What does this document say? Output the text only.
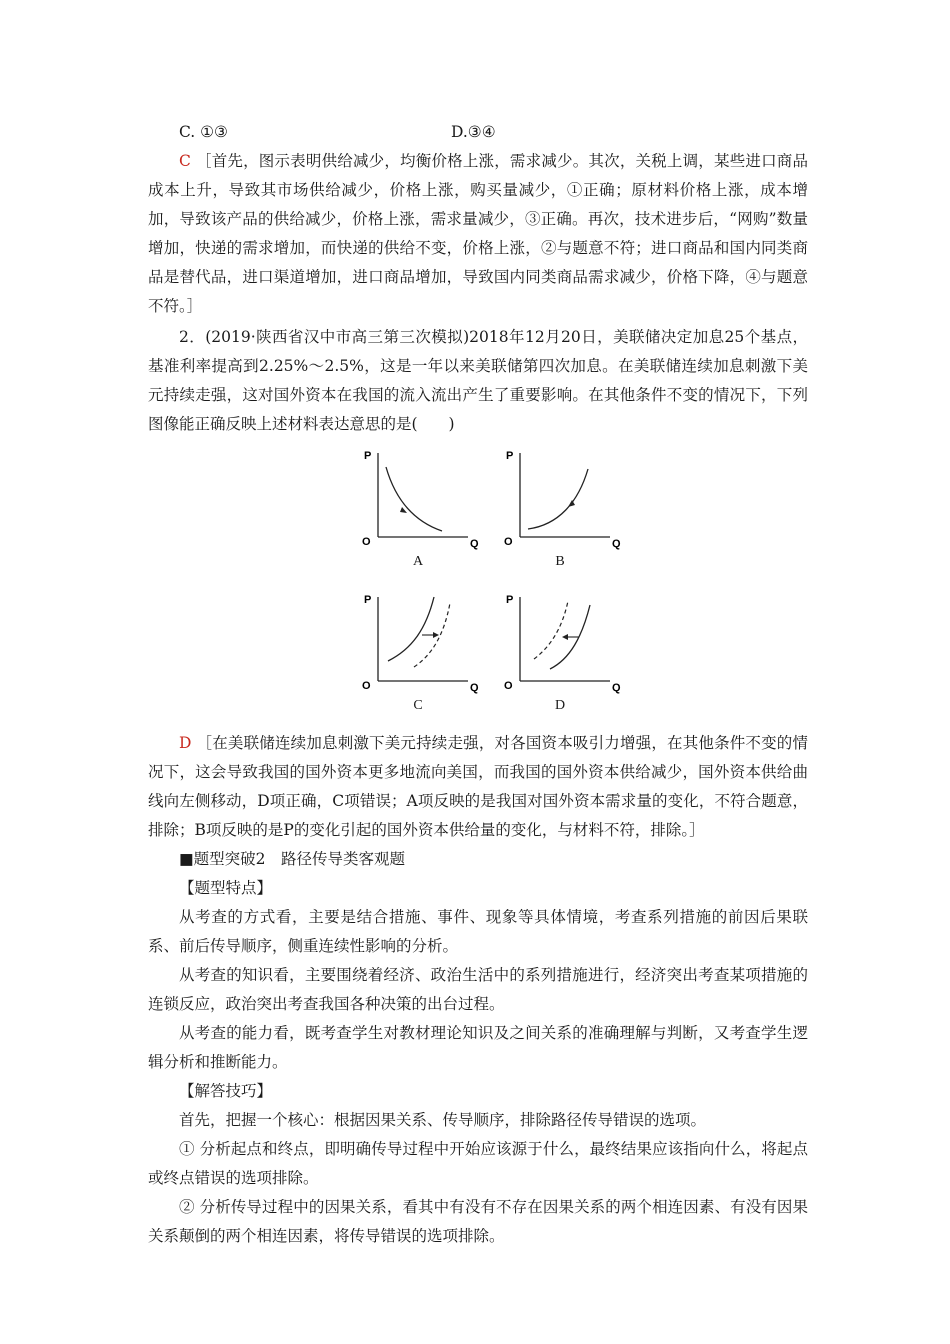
C. ①③	D.③④

C ［首先，图示表明供给减少，均衡价格上涨，需求减少。其次，关税上调，某些进口商品成本上升，导致其市场供给减少，价格上涨，购买量减少，①正确；原材料价格上涨，成本增加，导致该产品的供给减少，价格上涨，需求量减少，③正确。再次，技术进步后，“网购”数量增加，快递的需求增加，而快递的供给不变，价格上涨，②与题意不符；进口商品和国内同类商品是替代品，进口渠道增加，进口商品增加，导致国内同类商品需求减少，价格下降，④与题意不符。］

2．(2019·陕西省汉中市高三第三次模拟)2018年12月20日，美联储决定加息25个基点，基准利率提高到2.25%～2.5%，这是一年以来美联储第四次加息。在美联储连续加息刺激下美元持续走强，这对国外资本在我国的流入流出产生了重要影响。在其他条件不变的情况下，下列图像能正确反映上述材料表达意思的是(　　)

P
O	Q
A
P
O	Q
B
P
O	Q
C
P
O	Q
D

D ［在美联储连续加息刺激下美元持续走强，对各国资本吸引力增强，在其他条件不变的情况下，这会导致我国的国外资本更多地流向美国，而我国的国外资本供给减少，国外资本供给曲线向左侧移动，D项正确，C项错误；A项反映的是我国对国外资本需求量的变化，不符合题意，排除；B项反映的是P的变化引起的国外资本供给量的变化，与材料不符，排除。］

■题型突破2　路径传导类客观题

【题型特点】

从考查的方式看，主要是结合措施、事件、现象等具体情境，考查系列措施的前因后果联系、前后传导顺序，侧重连续性影响的分析。

从考查的知识看，主要围绕着经济、政治生活中的系列措施进行，经济突出考查某项措施的连锁反应，政治突出考查我国各种决策的出台过程。

从考查的能力看，既考查学生对教材理论知识及之间关系的准确理解与判断，又考查学生逻辑分析和推断能力。

【解答技巧】

首先，把握一个核心：根据因果关系、传导顺序，排除路径传导错误的选项。

① 分析起点和终点，即明确传导过程中开始应该源于什么，最终结果应该指向什么，将起点或终点错误的选项排除。

② 分析传导过程中的因果关系，看其中有没有不存在因果关系的两个相连因素、有没有因果关系颠倒的两个相连因素，将传导错误的选项排除。
